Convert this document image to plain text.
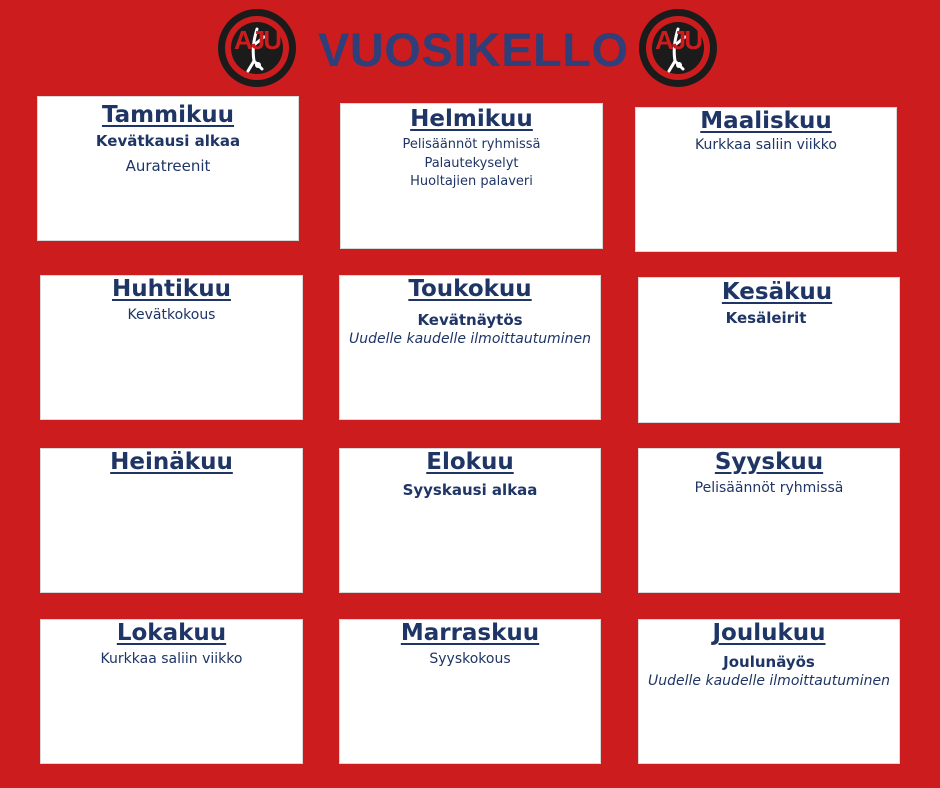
AJU VUOSIKELLO	AJU
Tammikuu
Kevätkausi alkaa
Auratreenit
Helmikuu
Pelisäännöt ryhmissä
Palautekyselyt
Huoltajien palaveri
Maaliskuu
Kurkkaa saliin viikko
Huhtikuu
Kevätkokous
Toukokuu
Kevätnäytös
Uudelle kaudelle ilmoittautuminen
Kesäkuu
Kesäleirit
Heinäkuu	Elokuu
Syyskausi alkaa
Syyskuu
Pelisäännöt ryhmissä
Lokakuu
Kurkkaa saliin viikko
Marraskuu
Syyskokous
Joulukuu
Joulunäyös
Uudelle kaudelle ilmoittautuminen
